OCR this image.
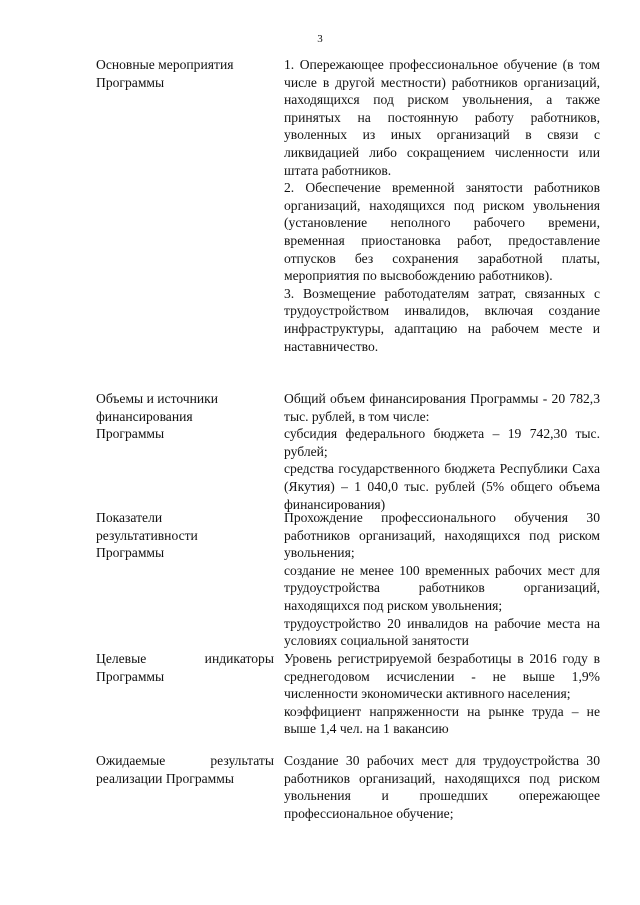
3
Основные мероприятия
Программы

1. Опережающее профессиональное обучение (в том числе в другой местности) работников организаций, находящихся под риском увольнения, а также принятых на постоянную работу работников, уволенных из иных организаций в связи с ликвидацией либо сокращением численности или штата работников.

2. Обеспечение временной занятости работников организаций, находящихся под риском увольнения (установление неполного рабочего времени, временная приостановка работ, предоставление отпусков без сохранения заработной платы, мероприятия по высвобождению работников).

3. Возмещение работодателям затрат, связанных с трудоустройством инвалидов, включая создание инфраструктуры, адаптацию на рабочем месте и наставничество.

Объемы и источники
финансирования
Программы

Общий объем финансирования Программы - 20 782,3 тыс. рублей, в том числе:

субсидия федерального бюджета – 19 742,30 тыс. рублей;

средства государственного бюджета Республики Саха (Якутия) – 1 040,0 тыс. рублей (5% общего объема финансирования)

Показатели
результативности
Программы

Прохождение профессионального обучения 30 работников организаций, находящихся под риском увольнения;

создание не менее 100 временных рабочих мест для трудоустройства работников организаций, находящихся под риском увольнения;

трудоустройство 20 инвалидов на рабочие места на условиях социальной занятости

Целевые индикаторы
Программы

Уровень регистрируемой безработицы в 2016 году в среднегодовом исчислении - не выше 1,9% численности экономически активного населения;

коэффициент напряженности на рынке труда – не выше 1,4 чел. на 1 вакансию

Ожидаемые результаты
реализации Программы

Создание 30 рабочих мест для трудоустройства 30 работников организаций, находящихся под риском увольнения и прошедших опережающее профессиональное обучение;
